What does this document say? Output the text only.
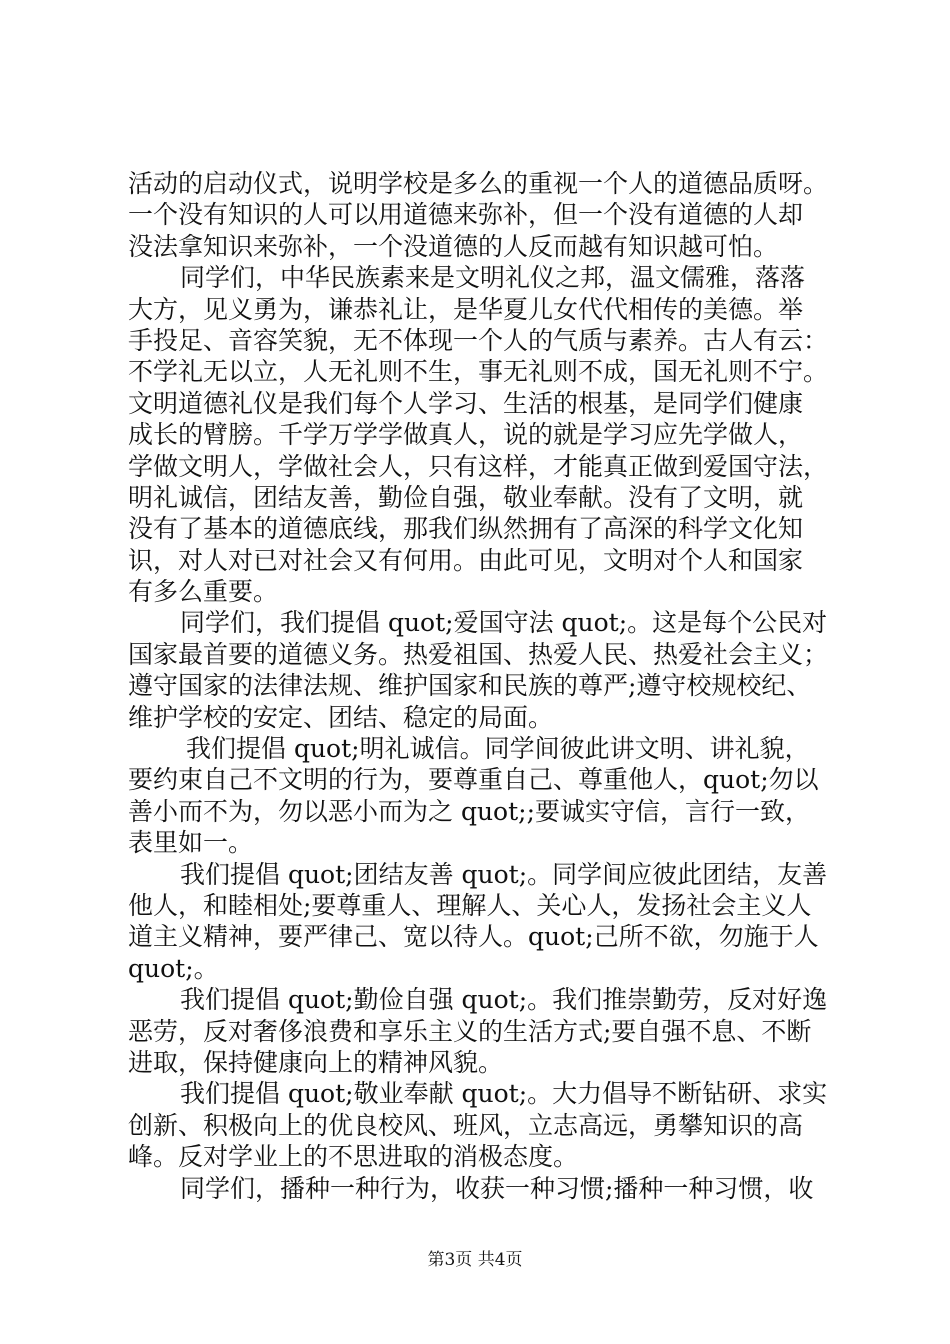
活动的启动仪式，说明学校是多么的重视一个人的道德品质呀。
一个没有知识的人可以用道德来弥补，但一个没有道德的人却
没法拿知识来弥补，一个没道德的人反而越有知识越可怕。
同学们，中华民族素来是文明礼仪之邦，温文儒雅，落落
大方，见义勇为，谦恭礼让，是华夏儿女代代相传的美德。举
手投足、音容笑貌，无不体现一个人的气质与素养。古人有云：
不学礼无以立，人无礼则不生，事无礼则不成，国无礼则不宁。
文明道德礼仪是我们每个人学习、生活的根基，是同学们健康
成长的臂膀。千学万学学做真人，说的就是学习应先学做人，
学做文明人，学做社会人，只有这样，才能真正做到爱国守法，
明礼诚信，团结友善，勤俭自强，敬业奉献。没有了文明，就
没有了基本的道德底线，那我们纵然拥有了高深的科学文化知
识，对人对已对社会又有何用。由此可见，文明对个人和国家
有多么重要。
同学们，我们提倡 quot;爱国守法 quot;。这是每个公民对
国家最首要的道德义务。热爱祖国、热爱人民、热爱社会主义；
遵守国家的法律法规、维护国家和民族的尊严;遵守校规校纪、
维护学校的安定、团结、稳定的局面。
我们提倡 quot;明礼诚信。同学间彼此讲文明、讲礼貌，
要约束自己不文明的行为，要尊重自己、尊重他人，quot;勿以
善小而不为，勿以恶小而为之 quot;;要诚实守信，言行一致，
表里如一。
我们提倡 quot;团结友善 quot;。同学间应彼此团结，友善
他人，和睦相处;要尊重人、理解人、关心人，发扬社会主义人
道主义精神，要严律己、宽以待人。quot;己所不欲，勿施于人
quot;。
我们提倡 quot;勤俭自强 quot;。我们推崇勤劳，反对好逸
恶劳，反对奢侈浪费和享乐主义的生活方式;要自强不息、不断
进取，保持健康向上的精神风貌。
我们提倡 quot;敬业奉献 quot;。大力倡导不断钻研、求实
创新、积极向上的优良校风、班风，立志高远，勇攀知识的高
峰。反对学业上的不思进取的消极态度。
同学们，播种一种行为，收获一种习惯;播种一种习惯，收
第3页 共4页
